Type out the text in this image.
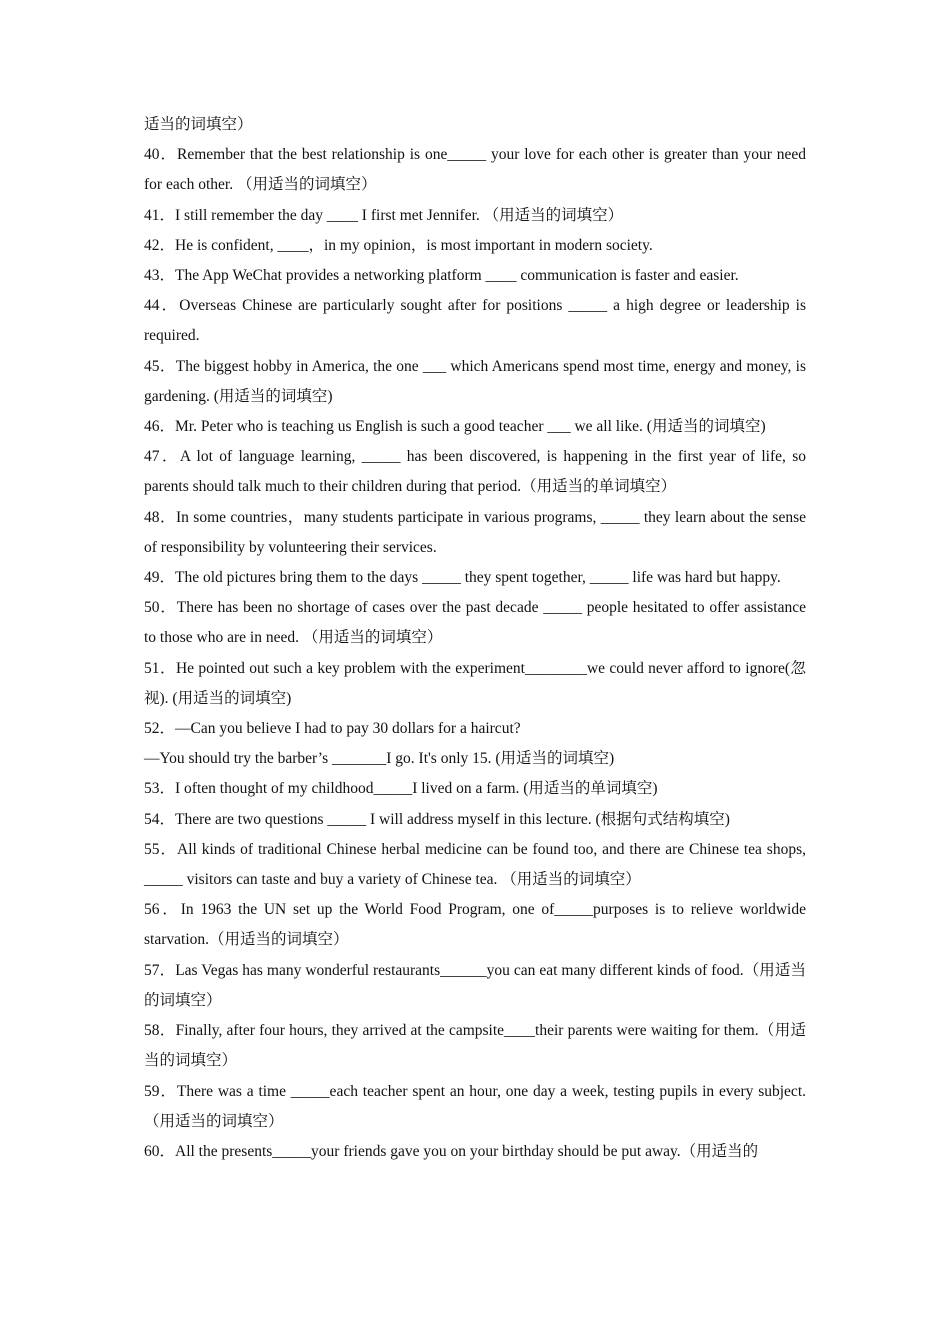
适当的词填空）

40．Remember that the best relationship is one_____ your love for each other is greater than your need for each other. （用适当的词填空）

41．I still remember the day ____ I first met Jennifer. （用适当的词填空）

42．He is confident, ____，in my opinion，is most important in modern society.

43．The App WeChat provides a networking platform ____ communication is faster and easier.

44．Overseas Chinese are particularly sought after for positions _____ a high degree or leadership is required.

45．The biggest hobby in America, the one ___ which Americans spend most time, energy and money, is gardening. (用适当的词填空)

46．Mr. Peter who is teaching us English is such a good teacher ___ we all like. (用适当的词填空)

47．A lot of language learning, _____ has been discovered, is happening in the first year of life, so parents should talk much to their children during that period.（用适当的单词填空）

48．In some countries，many students participate in various programs, _____ they learn about the sense of responsibility by volunteering their services.

49．The old pictures bring them to the days _____ they spent together, _____ life was hard but happy.

50．There has been no shortage of cases over the past decade _____ people hesitated to offer assistance to those who are in need. （用适当的词填空）

51．He pointed out such a key problem with the experiment________we could never afford to ignore(忽视). (用适当的词填空)

52．—Can you believe I had to pay 30 dollars for a haircut?

—You should try the barber’s _______I go. It's only 15. (用适当的词填空)

53．I often thought of my childhood_____I lived on a farm. (用适当的单词填空)

54．There are two questions _____ I will address myself in this lecture. (根据句式结构填空)

55．All kinds of traditional Chinese herbal medicine can be found too, and there are Chinese tea shops, _____ visitors can taste and buy a variety of Chinese tea. （用适当的词填空）

56．In 1963 the UN set up the World Food Program, one of_____purposes is to relieve worldwide starvation.（用适当的词填空）

57．Las Vegas has many wonderful restaurants______you can eat many different kinds of food.（用适当的词填空）

58．Finally, after four hours, they arrived at the campsite____their parents were waiting for them.（用适当的词填空）

59．There was a time _____each teacher spent an hour, one day a week, testing pupils in every subject. （用适当的词填空）

60．All the presents_____your friends gave you on your birthday should be put away.（用适当的
